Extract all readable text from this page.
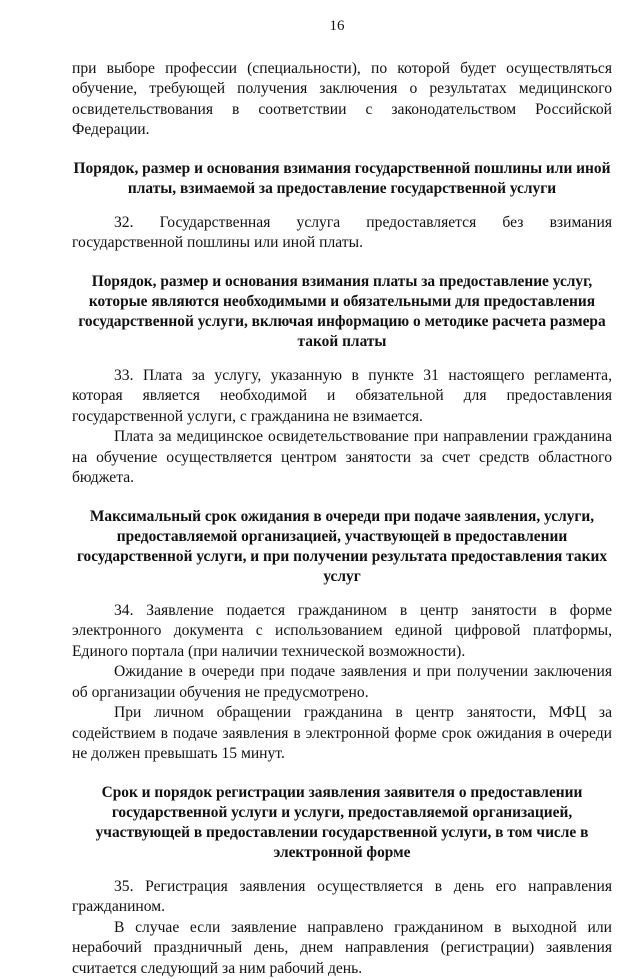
16

при выборе профессии (специальности), по которой будет осуществляться обучение, требующей получения заключения о результатах медицинского освидетельствования в соответствии с законодательством Российской Федерации.

Порядок, размер и основания взимания государственной пошлины или иной платы, взимаемой за предоставление государственной услуги

32. Государственная услуга предоставляется без взимания государственной пошлины или иной платы.

Порядок, размер и основания взимания платы за предоставление услуг, которые являются необходимыми и обязательными для предоставления государственной услуги, включая информацию о методике расчета размера такой платы

33. Плата за услугу, указанную в пункте 31 настоящего регламента, которая является необходимой и обязательной для предоставления государственной услуги, с гражданина не взимается.

Плата за медицинское освидетельствование при направлении гражданина на обучение осуществляется центром занятости за счет средств областного бюджета.

Максимальный срок ожидания в очереди при подаче заявления, услуги, предоставляемой организацией, участвующей в предоставлении государственной услуги, и при получении результата предоставления таких услуг

34. Заявление подается гражданином в центр занятости в форме электронного документа с использованием единой цифровой платформы, Единого портала (при наличии технической возможности).

Ожидание в очереди при подаче заявления и при получении заключения об организации обучения не предусмотрено.

При личном обращении гражданина в центр занятости, МФЦ за содействием в подаче заявления в электронной форме срок ожидания в очереди не должен превышать 15 минут.

Срок и порядок регистрации заявления заявителя о предоставлении государственной услуги и услуги, предоставляемой организацией, участвующей в предоставлении государственной услуги, в том числе в электронной форме

35. Регистрация заявления осуществляется в день его направления гражданином.

В случае если заявление направлено гражданином в выходной или нерабочий праздничный день, днем направления (регистрации) заявления считается следующий за ним рабочий день.
